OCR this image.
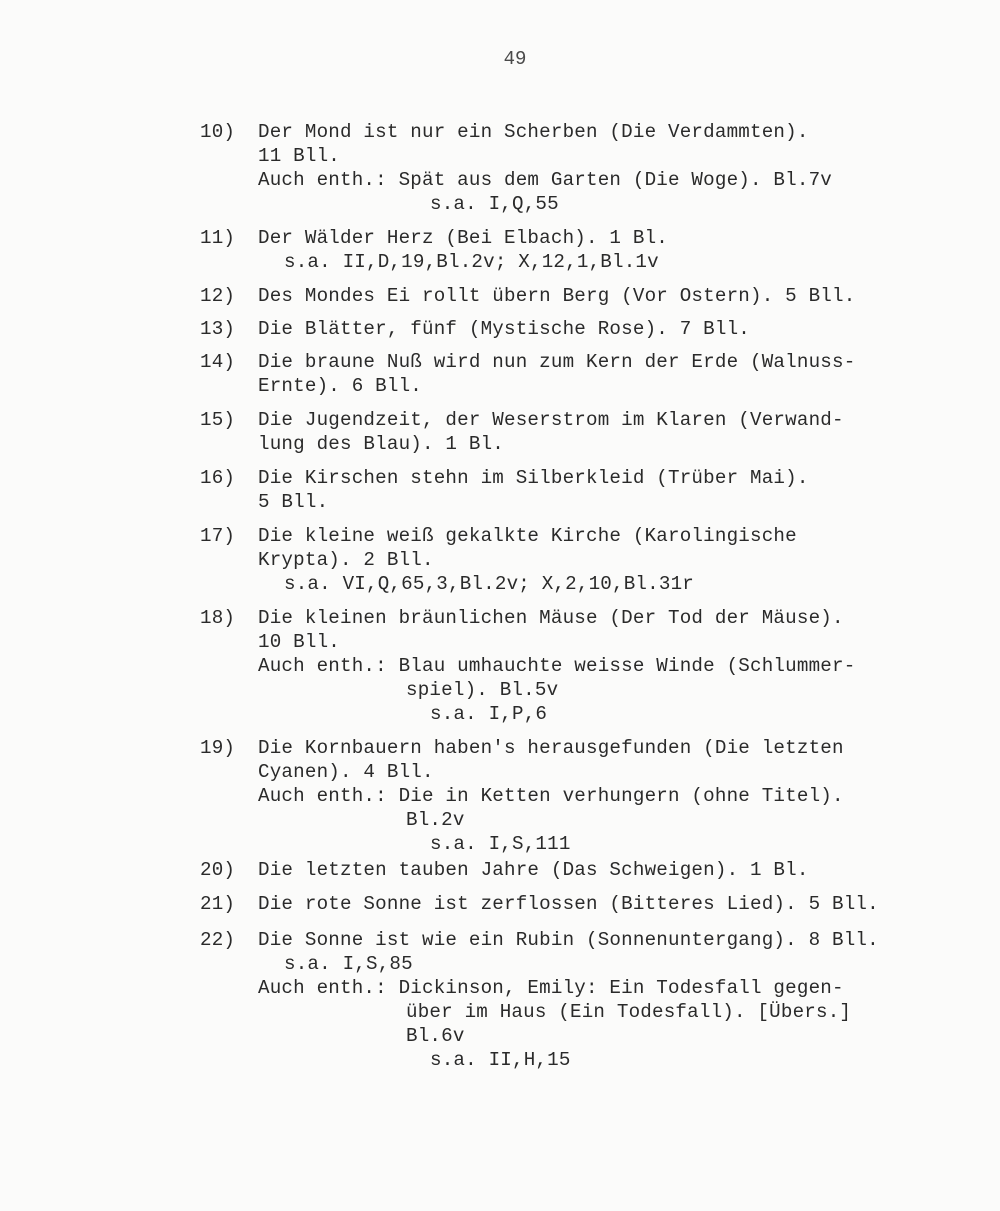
49
10) Der Mond ist nur ein Scherben (Die Verdammten).
11 Bll.
Auch enth.: Spät aus dem Garten (Die Woge). Bl.7v
s.a. I,Q,55
11) Der Wälder Herz (Bei Elbach). 1 Bl.
s.a. II,D,19,Bl.2v; X,12,1,Bl.1v
12) Des Mondes Ei rollt übern Berg (Vor Ostern). 5 Bll.
13) Die Blätter, fünf (Mystische Rose). 7 Bll.
14) Die braune Nuß wird nun zum Kern der Erde (Walnuss-
Ernte). 6 Bll.
15) Die Jugendzeit, der Weserstrom im Klaren (Verwand-
lung des Blau). 1 Bl.
16) Die Kirschen stehn im Silberkleid (Trüber Mai).
5 Bll.
17) Die kleine weiß gekalkte Kirche (Karolingische
Krypta). 2 Bll.
s.a. VI,Q,65,3,Bl.2v; X,2,10,Bl.31r
18) Die kleinen bräunlichen Mäuse (Der Tod der Mäuse).
10 Bll.
Auch enth.: Blau umhauchte weisse Winde (Schlummer-
spiel). Bl.5v
s.a. I,P,6
19) Die Kornbauern haben's herausgefunden (Die letzten
Cyanen). 4 Bll.
Auch enth.: Die in Ketten verhungern (ohne Titel).
Bl.2v
s.a. I,S,111
20) Die letzten tauben Jahre (Das Schweigen). 1 Bl.
21) Die rote Sonne ist zerflossen (Bitteres Lied). 5 Bll.
22) Die Sonne ist wie ein Rubin (Sonnenuntergang). 8 Bll.
s.a. I,S,85
Auch enth.: Dickinson, Emily: Ein Todesfall gegen-
über im Haus (Ein Todesfall). [Übers.]
Bl.6v
s.a. II,H,15
